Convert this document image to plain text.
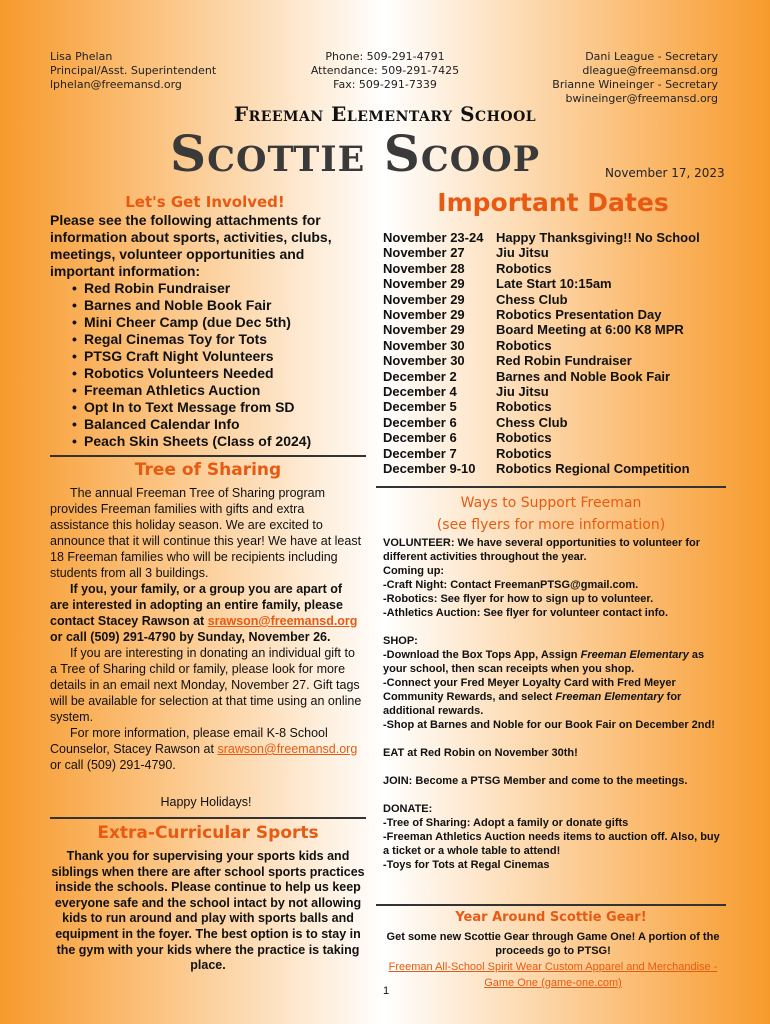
Lisa Phelan
Principal/Asst. Superintendent
lphelan@freemansd.org
Phone: 509-291-4791
Attendance: 509-291-7425
Fax: 509-291-7339
Dani League - Secretary
dleague@freemansd.org
Brianne Wineinger - Secretary
bwineinger@freemansd.org
Freeman Elementary School
Scottie Scoop	November 17, 2023
Let's Get Involved!
Please see the following attachments for information about sports, activities, clubs, meetings, volunteer opportunities and important information:
• Red Robin Fundraiser
• Barnes and Noble Book Fair
• Mini Cheer Camp (due Dec 5th)
• Regal Cinemas Toy for Tots
• PTSG Craft Night Volunteers
• Robotics Volunteers Needed
• Freeman Athletics Auction
• Opt In to Text Message from SD
• Balanced Calendar Info
• Peach Skin Sheets (Class of 2024)
Tree of Sharing
The annual Freeman Tree of Sharing program provides Freeman families with gifts and extra assistance this holiday season. We are excited to announce that it will continue this year! We have at least 18 Freeman families who will be recipients including students from all 3 buildings.
If you, your family, or a group you are apart of are interested in adopting an entire family, please contact Stacey Rawson at srawson@freemansd.org or call (509) 291-4790 by Sunday, November 26.
If you are interesting in donating an individual gift to a Tree of Sharing child or family, please look for more details in an email next Monday, November 27. Gift tags will be available for selection at that time using an online system.
For more information, please email K-8 School Counselor, Stacey Rawson at srawson@freemansd.org or call (509) 291-4790.
Happy Holidays!
Extra-Curricular Sports
Thank you for supervising your sports kids and siblings when there are after school sports practices inside the schools. Please continue to help us keep everyone safe and the school intact by not allowing kids to run around and play with sports balls and equipment in the foyer. The best option is to stay in the gym with your kids where the practice is taking place.
Important Dates
November 23-24	Happy Thanksgiving!! No School
November 27	Jiu Jitsu
November 28	Robotics
November 29	Late Start 10:15am
November 29	Chess Club
November 29	Robotics Presentation Day
November 29	Board Meeting at 6:00 K8 MPR
November 30	Robotics
November 30	Red Robin Fundraiser
December 2	Barnes and Noble Book Fair
December 4	Jiu Jitsu
December 5	Robotics
December 6	Chess Club
December 6	Robotics
December 7	Robotics
December 9-10	Robotics Regional Competition
Ways to Support Freeman
(see flyers for more information)

VOLUNTEER: We have several opportunities to volunteer for different activities throughout the year.

Coming up:

-Craft Night: Contact FreemanPTSG@gmail.com.

-Robotics: See flyer for how to sign up to volunteer.

-Athletics Auction: See flyer for volunteer contact info.

SHOP:

-Download the Box Tops App, Assign Freeman Elementary as your school, then scan receipts when you shop.

-Connect your Fred Meyer Loyalty Card with Fred Meyer Community Rewards, and select Freeman Elementary for additional rewards.

-Shop at Barnes and Noble for our Book Fair on December 2nd!

EAT at Red Robin on November 30th!

JOIN: Become a PTSG Member and come to the meetings.

DONATE:

-Tree of Sharing: Adopt a family or donate gifts

-Freeman Athletics Auction needs items to auction off. Also, buy a ticket or a whole table to attend!

-Toys for Tots at Regal Cinemas

Year Around Scottie Gear!
Get some new Scottie Gear through Game One! A portion of the proceeds go to PTSG!
Freeman All-School Spirit Wear Custom Apparel and Merchandise - Game One (game-one.com)
1
